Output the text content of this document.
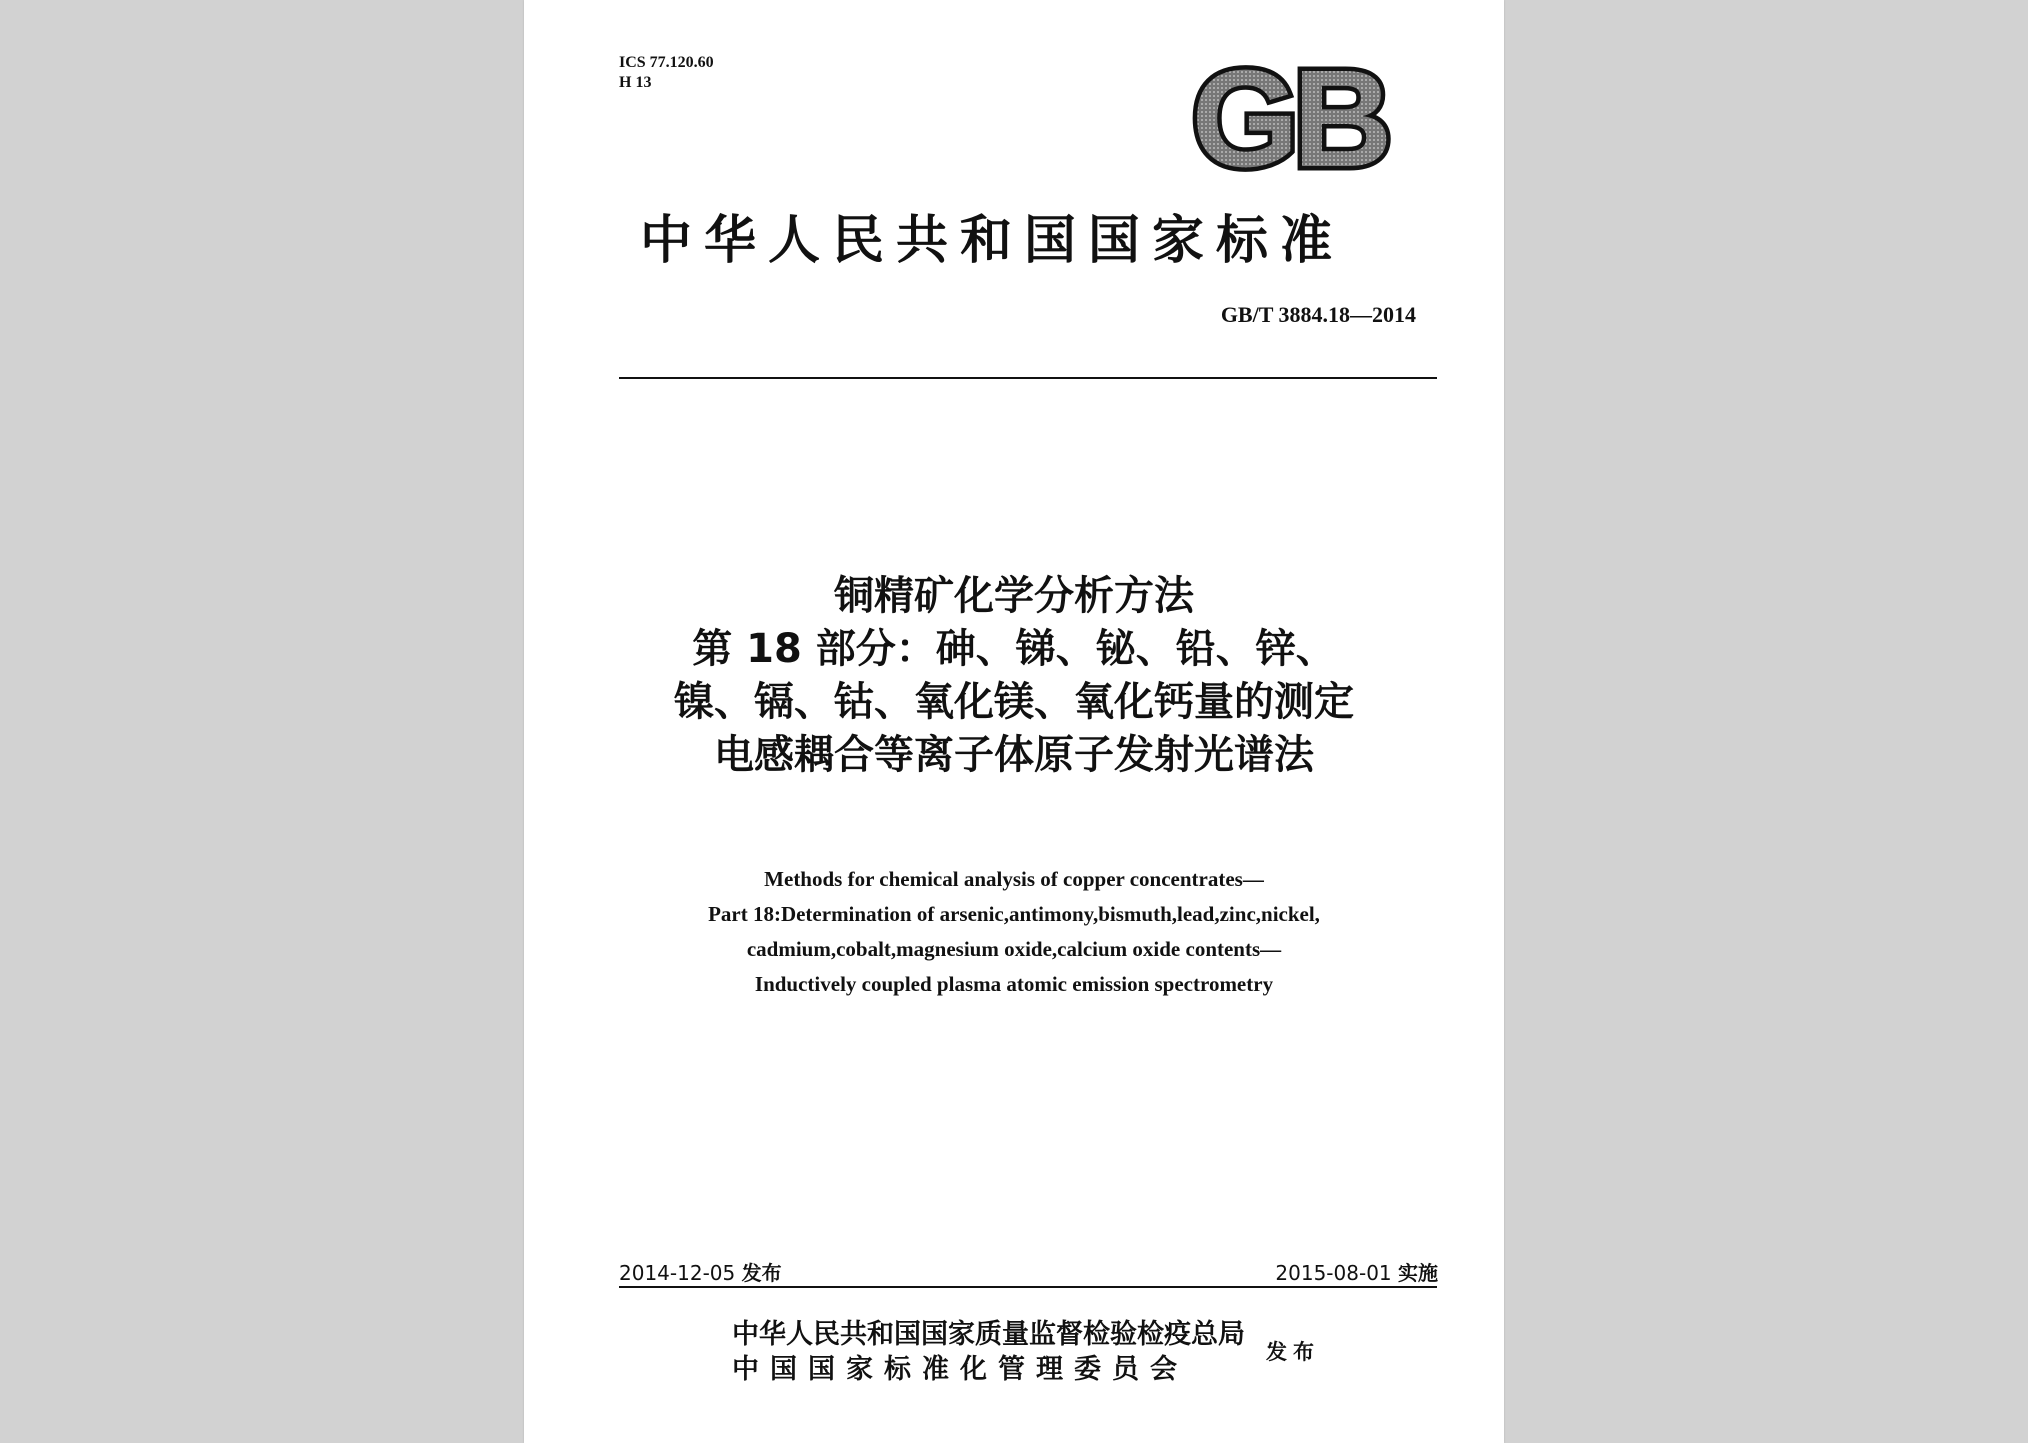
ICS 77.120.60
H 13	GB
中华人民共和国国家标准
GB/T 3884.18—2014
铜精矿化学分析方法
第 18 部分：砷、锑、铋、铅、锌、
镍、镉、钴、氧化镁、氧化钙量的测定
电感耦合等离子体原子发射光谱法
Methods for chemical analysis of copper concentrates—
Part 18:Determination of arsenic,antimony,bismuth,lead,zinc,nickel,
cadmium,cobalt,magnesium oxide,calcium oxide contents—
Inductively coupled plasma atomic emission spectrometry
2014-12-05 发布	2015-08-01 实施
中华人民共和国国家质量监督检验检疫总局
中国国家标准化管理委员会
发布
